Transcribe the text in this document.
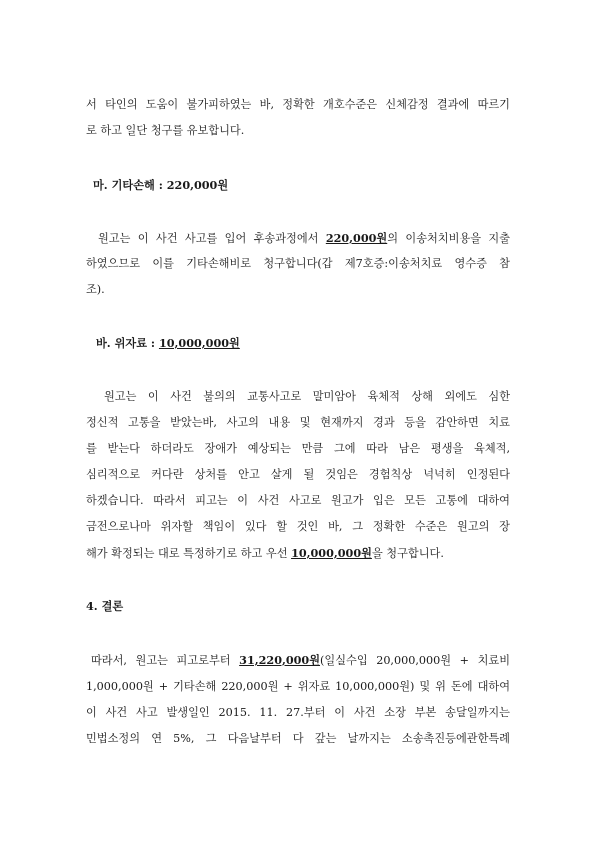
서 타인의 도움이 불가피하였는 바, 정확한 개호수준은 신체감정 결과에 따르기
로 하고 일단 청구를 유보합니다.
마. 기타손해 : 220,000원
원고는 이 사건 사고를 입어 후송과정에서 220,000원의 이송처치비용을 지출
하였으므로 이를 기타손해비로 청구합니다(갑 제7호증:이송처치료 영수증 참
조).
바. 위자료 : 10,000,000원
원고는 이 사건 불의의 교통사고로 말미암아 육체적 상해 외에도 심한
정신적 고통을 받았는바, 사고의 내용 및 현재까지 경과 등을 감안하면 치료
를 받는다 하더라도 장애가 예상되는 만큼 그에 따라 남은 평생을 육체적,
심리적으로 커다란 상처를 안고 살게 될 것임은 경험칙상 넉넉히 인정된다
하겠습니다. 따라서 피고는 이 사건 사고로 원고가 입은 모든 고통에 대하여
금전으로나마 위자할 책임이 있다 할 것인 바, 그 정확한 수준은 원고의 장
해가 확정되는 대로 특정하기로 하고 우선 10,000,000원을 청구합니다.
4. 결론
따라서, 원고는 피고로부터 31,220,000원(일실수입 20,000,000원 + 치료비
1,000,000원 + 기타손해 220,000원 + 위자료 10,000,000원) 및 위 돈에 대하여
이 사건 사고 발생일인 2015. 11. 27.부터 이 사건 소장 부본 송달일까지는
민법소정의 연 5%, 그 다음날부터 다 갚는 날까지는 소송촉진등에관한특례
